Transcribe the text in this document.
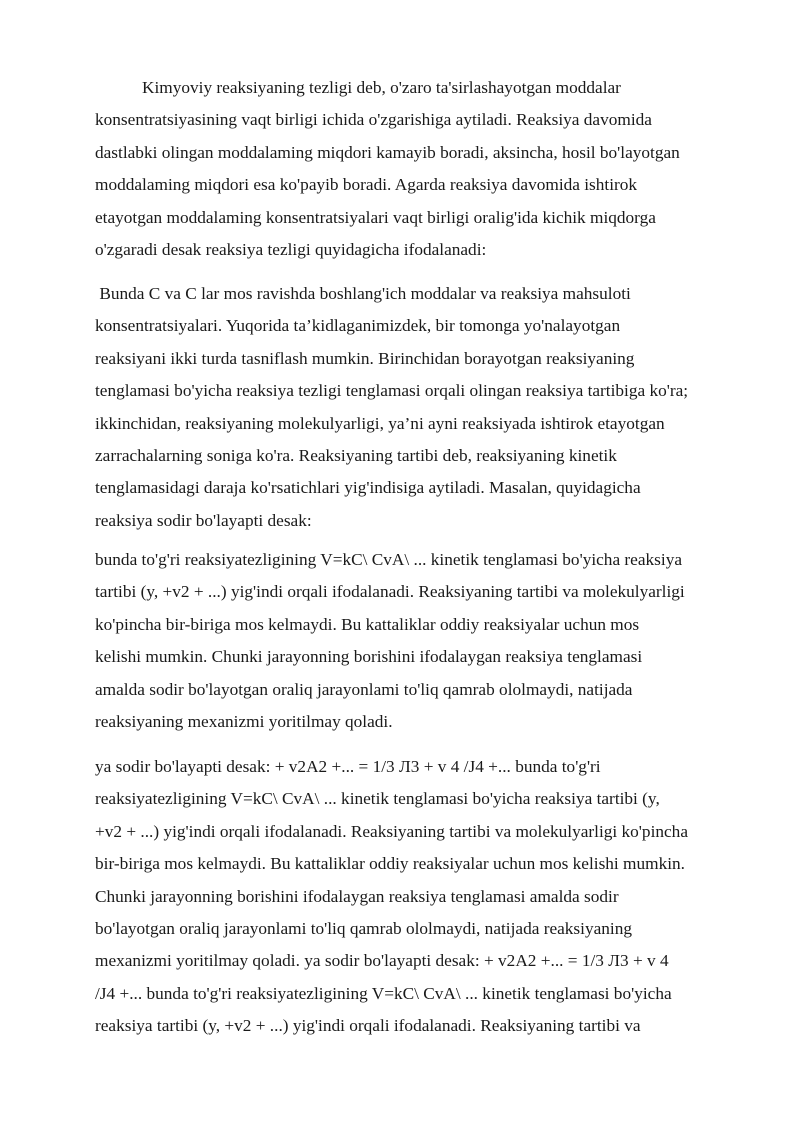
Kimyoviy reaksiyaning tezligi deb, o'zaro ta'sirlashayotgan moddalar
konsentratsiyasining vaqt birligi ichida o'zgarishiga aytiladi. Reaksiya davomida
dastlabki olingan moddalaming miqdori kamayib boradi, aksincha, hosil bo'layotgan
moddalaming miqdori esa ko'payib boradi. Agarda reaksiya davomida ishtirok
etayotgan moddalaming konsentratsiyalari vaqt birligi oralig'ida kichik miqdorga
o'zgaradi desak reaksiya tezligi quyidagicha ifodalanadi:

Bunda C va C lar mos ravishda boshlang'ich moddalar va reaksiya mahsuloti
konsentratsiyalari. Yuqorida ta’kidlaganimizdek, bir tomonga yo'nalayotgan
reaksiyani ikki turda tasniflash mumkin. Birinchidan borayotgan reaksiyaning
tenglamasi bo'yicha reaksiya tezligi tenglamasi orqali olingan reaksiya tartibiga ko'ra;
ikkinchidan, reaksiyaning molekulyarligi, ya’ni ayni reaksiyada ishtirok etayotgan
zarrachalarning soniga ko'ra. Reaksiyaning tartibi deb, reaksiyaning kinetik
tenglamasidagi daraja ko'rsatichlari yig'indisiga aytiladi. Masalan, quyidagicha
reaksiya sodir bo'layapti desak:

bunda to'g'ri reaksiyatezligining V=kC\ CvA\ ... kinetik tenglamasi bo'yicha reaksiya
tartibi (y, +v2 + ...) yig'indi orqali ifodalanadi. Reaksiyaning tartibi va molekulyarligi
ko'pincha bir-biriga mos kelmaydi. Bu kattaliklar oddiy reaksiyalar uchun mos
kelishi mumkin. Chunki jarayonning borishini ifodalaygan reaksiya tenglamasi
amalda sodir bo'layotgan oraliq jarayonlami to'liq qamrab ololmaydi, natijada
reaksiyaning mexanizmi yoritilmay qoladi.

ya sodir bo'layapti desak: + v2A2 +... = 1/3 Л3 + v 4 /J4 +... bunda to'g'ri
reaksiyatezligining V=kC\ CvA\ ... kinetik tenglamasi bo'yicha reaksiya tartibi (y,
+v2 + ...) yig'indi orqali ifodalanadi. Reaksiyaning tartibi va molekulyarligi ko'pincha
bir-biriga mos kelmaydi. Bu kattaliklar oddiy reaksiyalar uchun mos kelishi mumkin.
Chunki jarayonning borishini ifodalaygan reaksiya tenglamasi amalda sodir
bo'layotgan oraliq jarayonlami to'liq qamrab ololmaydi, natijada reaksiyaning
mexanizmi yoritilmay qoladi. ya sodir bo'layapti desak: + v2A2 +... = 1/3 Л3 + v 4
/J4 +... bunda to'g'ri reaksiyatezligining V=kC\ CvA\ ... kinetik tenglamasi bo'yicha
reaksiya tartibi (y, +v2 + ...) yig'indi orqali ifodalanadi. Reaksiyaning tartibi va
